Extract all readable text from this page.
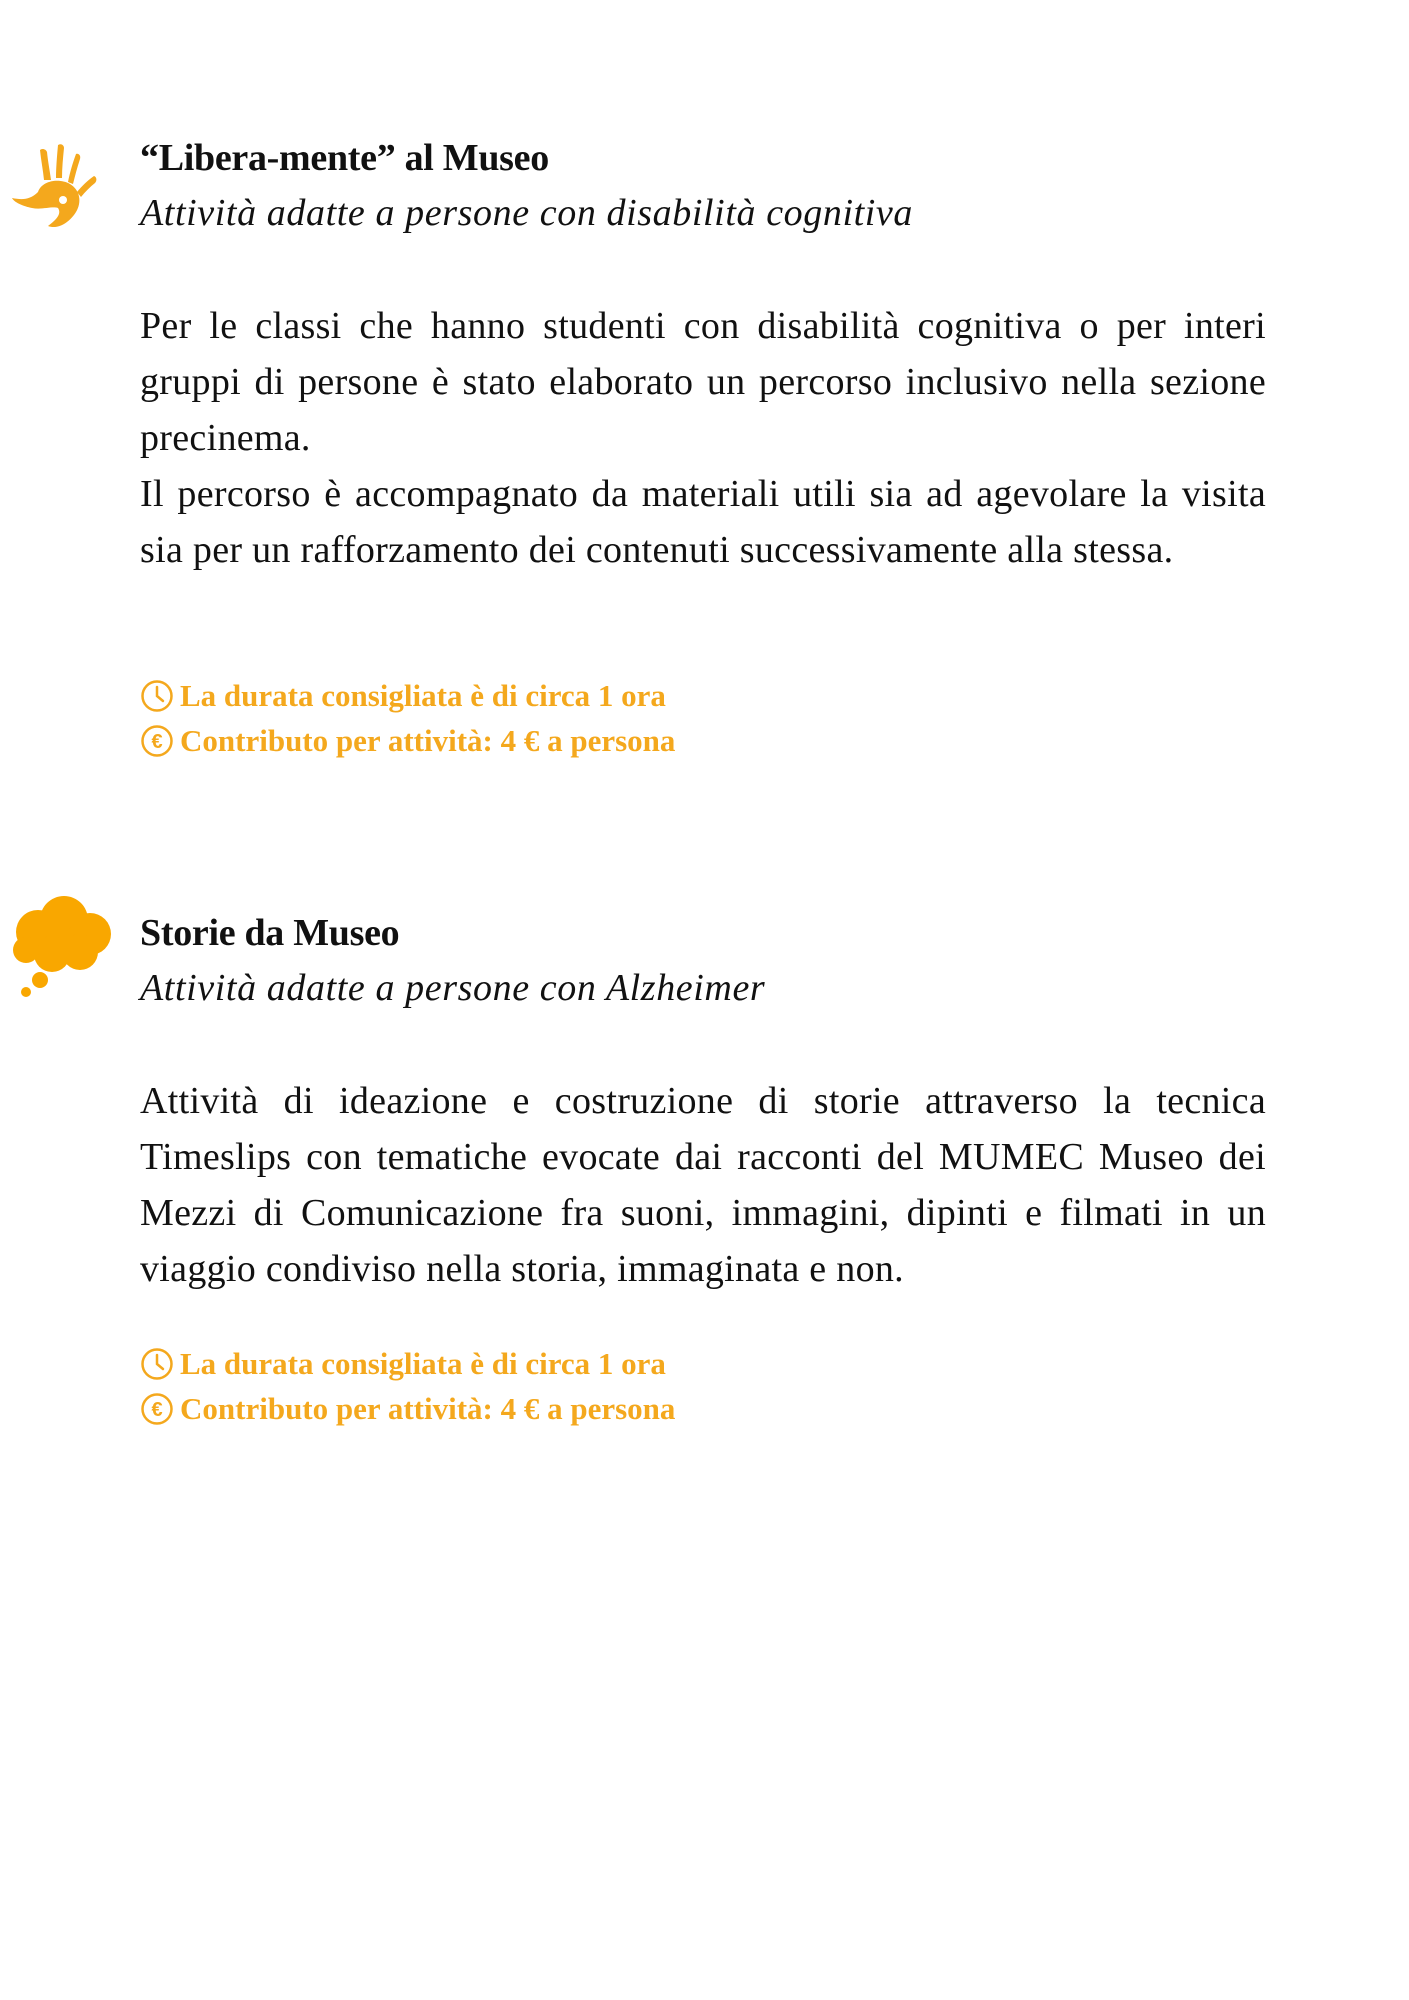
“Libera-mente” al Museo
Attività adatte a persone con disabilità cognitiva

Per le classi che hanno studenti con disabilità cognitiva o per interi gruppi di persone è stato elaborato un percorso inclusivo nella sezione precinema.

Il percorso è accompagnato da materiali utili sia ad agevolare la visita sia per un rafforzamento dei contenuti successivamente alla stessa.

La durata consigliata è di circa 1 ora
€ Contributo per attività: 4 € a persona
Storie da Museo
Attività adatte a persone con Alzheimer

Attività di ideazione e costruzione di storie attraverso la tecnica Timeslips con tematiche evocate dai racconti del MUMEC Museo dei Mezzi di Comunicazione fra suoni, immagini, dipinti e filmati in un viaggio condiviso nella storia, immaginata e non.

La durata consigliata è di circa 1 ora
€ Contributo per attività: 4 € a persona
